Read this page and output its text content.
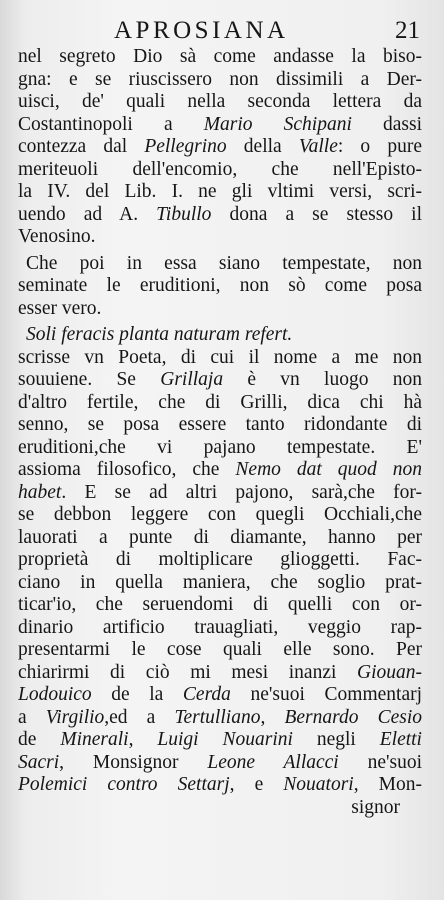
APROSIANA	21
nel segreto Dio sà come andasse la biso-
gna: e se riuscissero non dissimili a Der-
uisci, de' quali nella seconda lettera da
Costantinopoli a Mario Schipani dassi
contezza dal Pellegrino della Valle: o pure
meriteuoli dell'encomio, che nell'Episto-
la IV. del Lib. I. ne gli vltimi versi, scri-
uendo ad A. Tibullo dona a se stesso il
Venosino.
Che poi in essa siano tempestate, non
seminate le eruditioni, non sò come posa
esser vero.
Soli feracis planta naturam refert.
scrisse vn Poeta, di cui il nome a me non
souuiene. Se Grillaja è vn luogo non
d'altro fertile, che di Grilli, dica chi hà
senno, se posa essere tanto ridondante di
eruditioni,che vi pajano tempestate. E'
assioma filosofico, che Nemo dat quod non
habet. E se ad altri pajono, sarà,che for-
se debbon leggere con quegli Occhiali,che
lauorati a punte di diamante, hanno per
proprietà di moltiplicare glioggetti. Fac-
ciano in quella maniera, che soglio prat-
ticar'io, che seruendomi di quelli con or-
dinario artificio trauagliati, veggio rap-
presentarmi le cose quali elle sono. Per
chiarirmi di ciò mi mesi inanzi Giouan-
Lodouico de la Cerda ne'suoi Commentarj
a Virgilio,ed a Tertulliano, Bernardo Cesio
de Minerali, Luigi Nouarini negli Eletti
Sacri, Monsignor Leone Allacci ne'suoi
Polemici contro Settarj, e Nouatori, Mon-
signor
